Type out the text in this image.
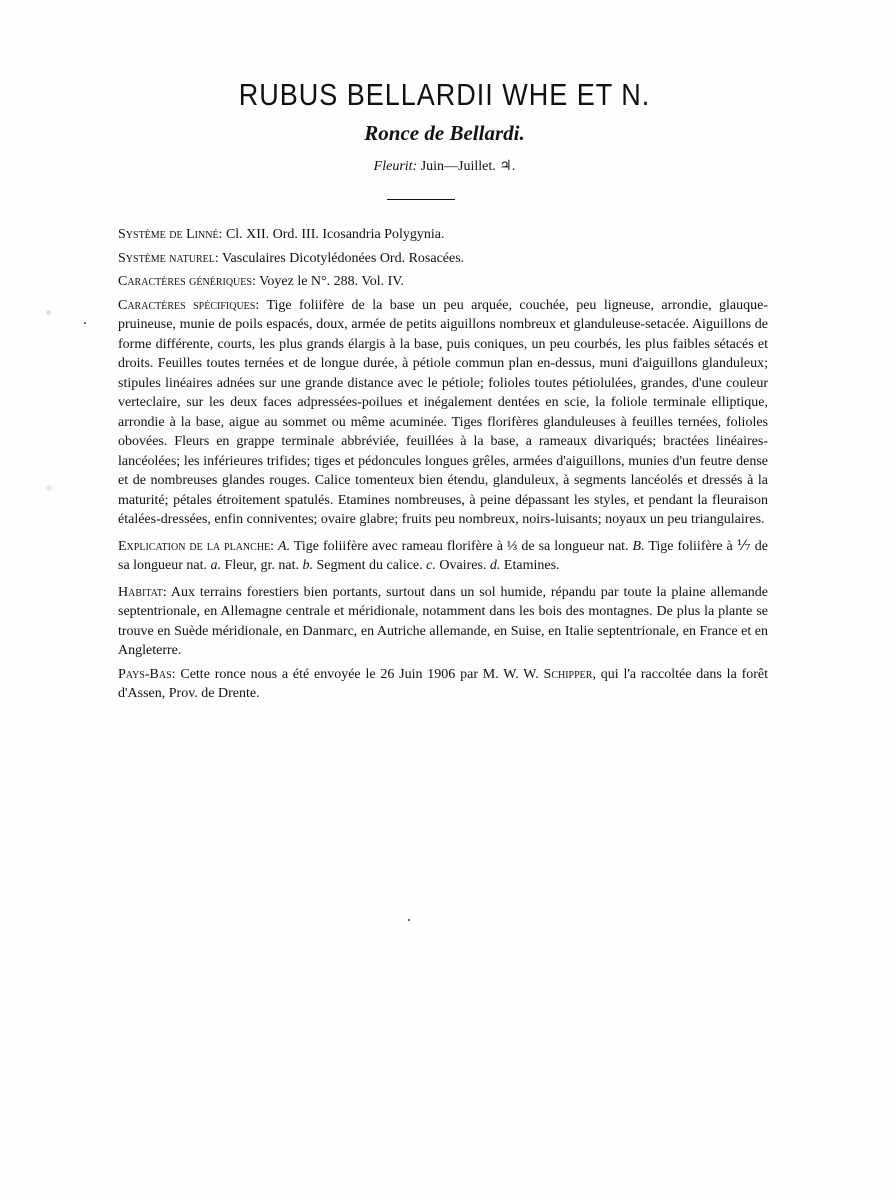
RUBUS BELLARDII WHE ET N.
Ronce de Bellardi.
Fleurit: Juin—Juillet. ♃.

Système de Linné: Cl. XII. Ord. III. Icosandria Polygynia.

Système naturel: Vasculaires Dicotylédonées Ord. Rosacées.

Caractères génériques: Voyez le N°. 288. Vol. IV.

Caractères spécifiques: Tige foliifère de la base un peu arquée, couchée, peu ligneuse, arrondie, glauque-pruineuse, munie de poils espacés, doux, armée de petits aiguillons nombreux et glanduleuse-setacée. Aiguillons de forme différente, courts, les plus grands élargis à la base, puis coniques, un peu courbés, les plus faibles sétacés et droits. Feuilles toutes ternées et de longue durée, à pétiole commun plan en-dessus, muni d'aiguillons glanduleux; stipules linéaires adnées sur une grande distance avec le pétiole; folioles toutes pétiolulées, grandes, d'une couleur verteclaire, sur les deux faces adpressées-poilues et inégalement dentées en scie, la foliole terminale elliptique, arrondie à la base, aigue au sommet ou même acuminée. Tiges florifères glanduleuses à feuilles ternées, folioles obovées. Fleurs en grappe terminale abbréviée, feuillées à la base, a rameaux divariqués; bractées linéaires-lancéolées; les inférieures trifides; tiges et pédoncules longues grêles, armées d'aiguillons, munies d'un feutre dense et de nombreuses glandes rouges. Calice tomenteux bien étendu, glanduleux, à segments lancéolés et dressés à la maturité; pétales étroitement spatulés. Etamines nombreuses, à peine dépassant les styles, et pendant la fleuraison étalées-dressées, enfin conniventes; ovaire glabre; fruits peu nombreux, noirs-luisants; noyaux un peu triangulaires.

Explication de la planche: A. Tige foliifère avec rameau florifère à ⅓ de sa longueur nat. B. Tige foliifère à ⅐ de sa longueur nat. a. Fleur, gr. nat. b. Segment du calice. c. Ovaires. d. Etamines.

Habitat: Aux terrains forestiers bien portants, surtout dans un sol humide, répandu par toute la plaine allemande septentrionale, en Allemagne centrale et méridionale, notamment dans les bois des montagnes. De plus la plante se trouve en Suède méridionale, en Danmarc, en Autriche allemande, en Suise, en Italie septentrionale, en France et en Angleterre.

Pays-Bas: Cette ronce nous a été envoyée le 26 Juin 1906 par M. W. W. Schipper, qui l'a raccoltée dans la forêt d'Assen, Prov. de Drente.
